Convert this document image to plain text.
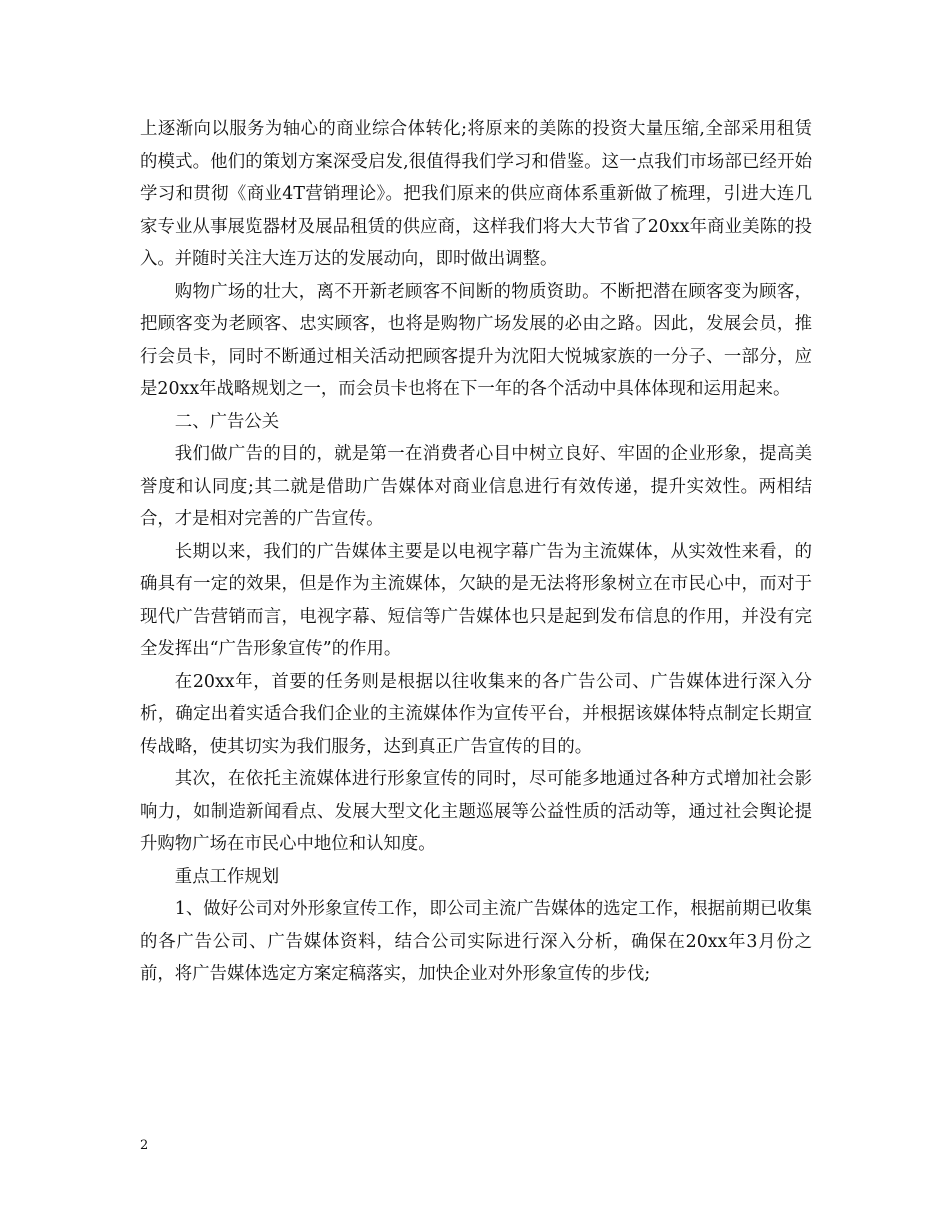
上逐渐向以服务为轴心的商业综合体转化;将原来的美陈的投资大量压缩,全部采用租赁的模式。他们的策划方案深受启发,很值得我们学习和借鉴。这一点我们市场部已经开始学习和贯彻《商业4T营销理论》。把我们原来的供应商体系重新做了梳理，引进大连几家专业从事展览器材及展品租赁的供应商，这样我们将大大节省了20xx年商业美陈的投入。并随时关注大连万达的发展动向，即时做出调整。

购物广场的壮大，离不开新老顾客不间断的物质资助。不断把潜在顾客变为顾客，把顾客变为老顾客、忠实顾客，也将是购物广场发展的必由之路。因此，发展会员，推行会员卡，同时不断通过相关活动把顾客提升为沈阳大悦城家族的一分子、一部分，应是20xx年战略规划之一，而会员卡也将在下一年的各个活动中具体体现和运用起来。

二、广告公关

我们做广告的目的，就是第一在消费者心目中树立良好、牢固的企业形象，提高美誉度和认同度;其二就是借助广告媒体对商业信息进行有效传递，提升实效性。两相结合，才是相对完善的广告宣传。

长期以来，我们的广告媒体主要是以电视字幕广告为主流媒体，从实效性来看，的确具有一定的效果，但是作为主流媒体，欠缺的是无法将形象树立在市民心中，而对于现代广告营销而言，电视字幕、短信等广告媒体也只是起到发布信息的作用，并没有完全发挥出“广告形象宣传”的作用。

在20xx年，首要的任务则是根据以往收集来的各广告公司、广告媒体进行深入分析，确定出着实适合我们企业的主流媒体作为宣传平台，并根据该媒体特点制定长期宣传战略，使其切实为我们服务，达到真正广告宣传的目的。

其次，在依托主流媒体进行形象宣传的同时，尽可能多地通过各种方式增加社会影响力，如制造新闻看点、发展大型文化主题巡展等公益性质的活动等，通过社会舆论提升购物广场在市民心中地位和认知度。

重点工作规划

1、做好公司对外形象宣传工作，即公司主流广告媒体的选定工作，根据前期已收集的各广告公司、广告媒体资料，结合公司实际进行深入分析，确保在20xx年3月份之前，将广告媒体选定方案定稿落实，加快企业对外形象宣传的步伐;

2
